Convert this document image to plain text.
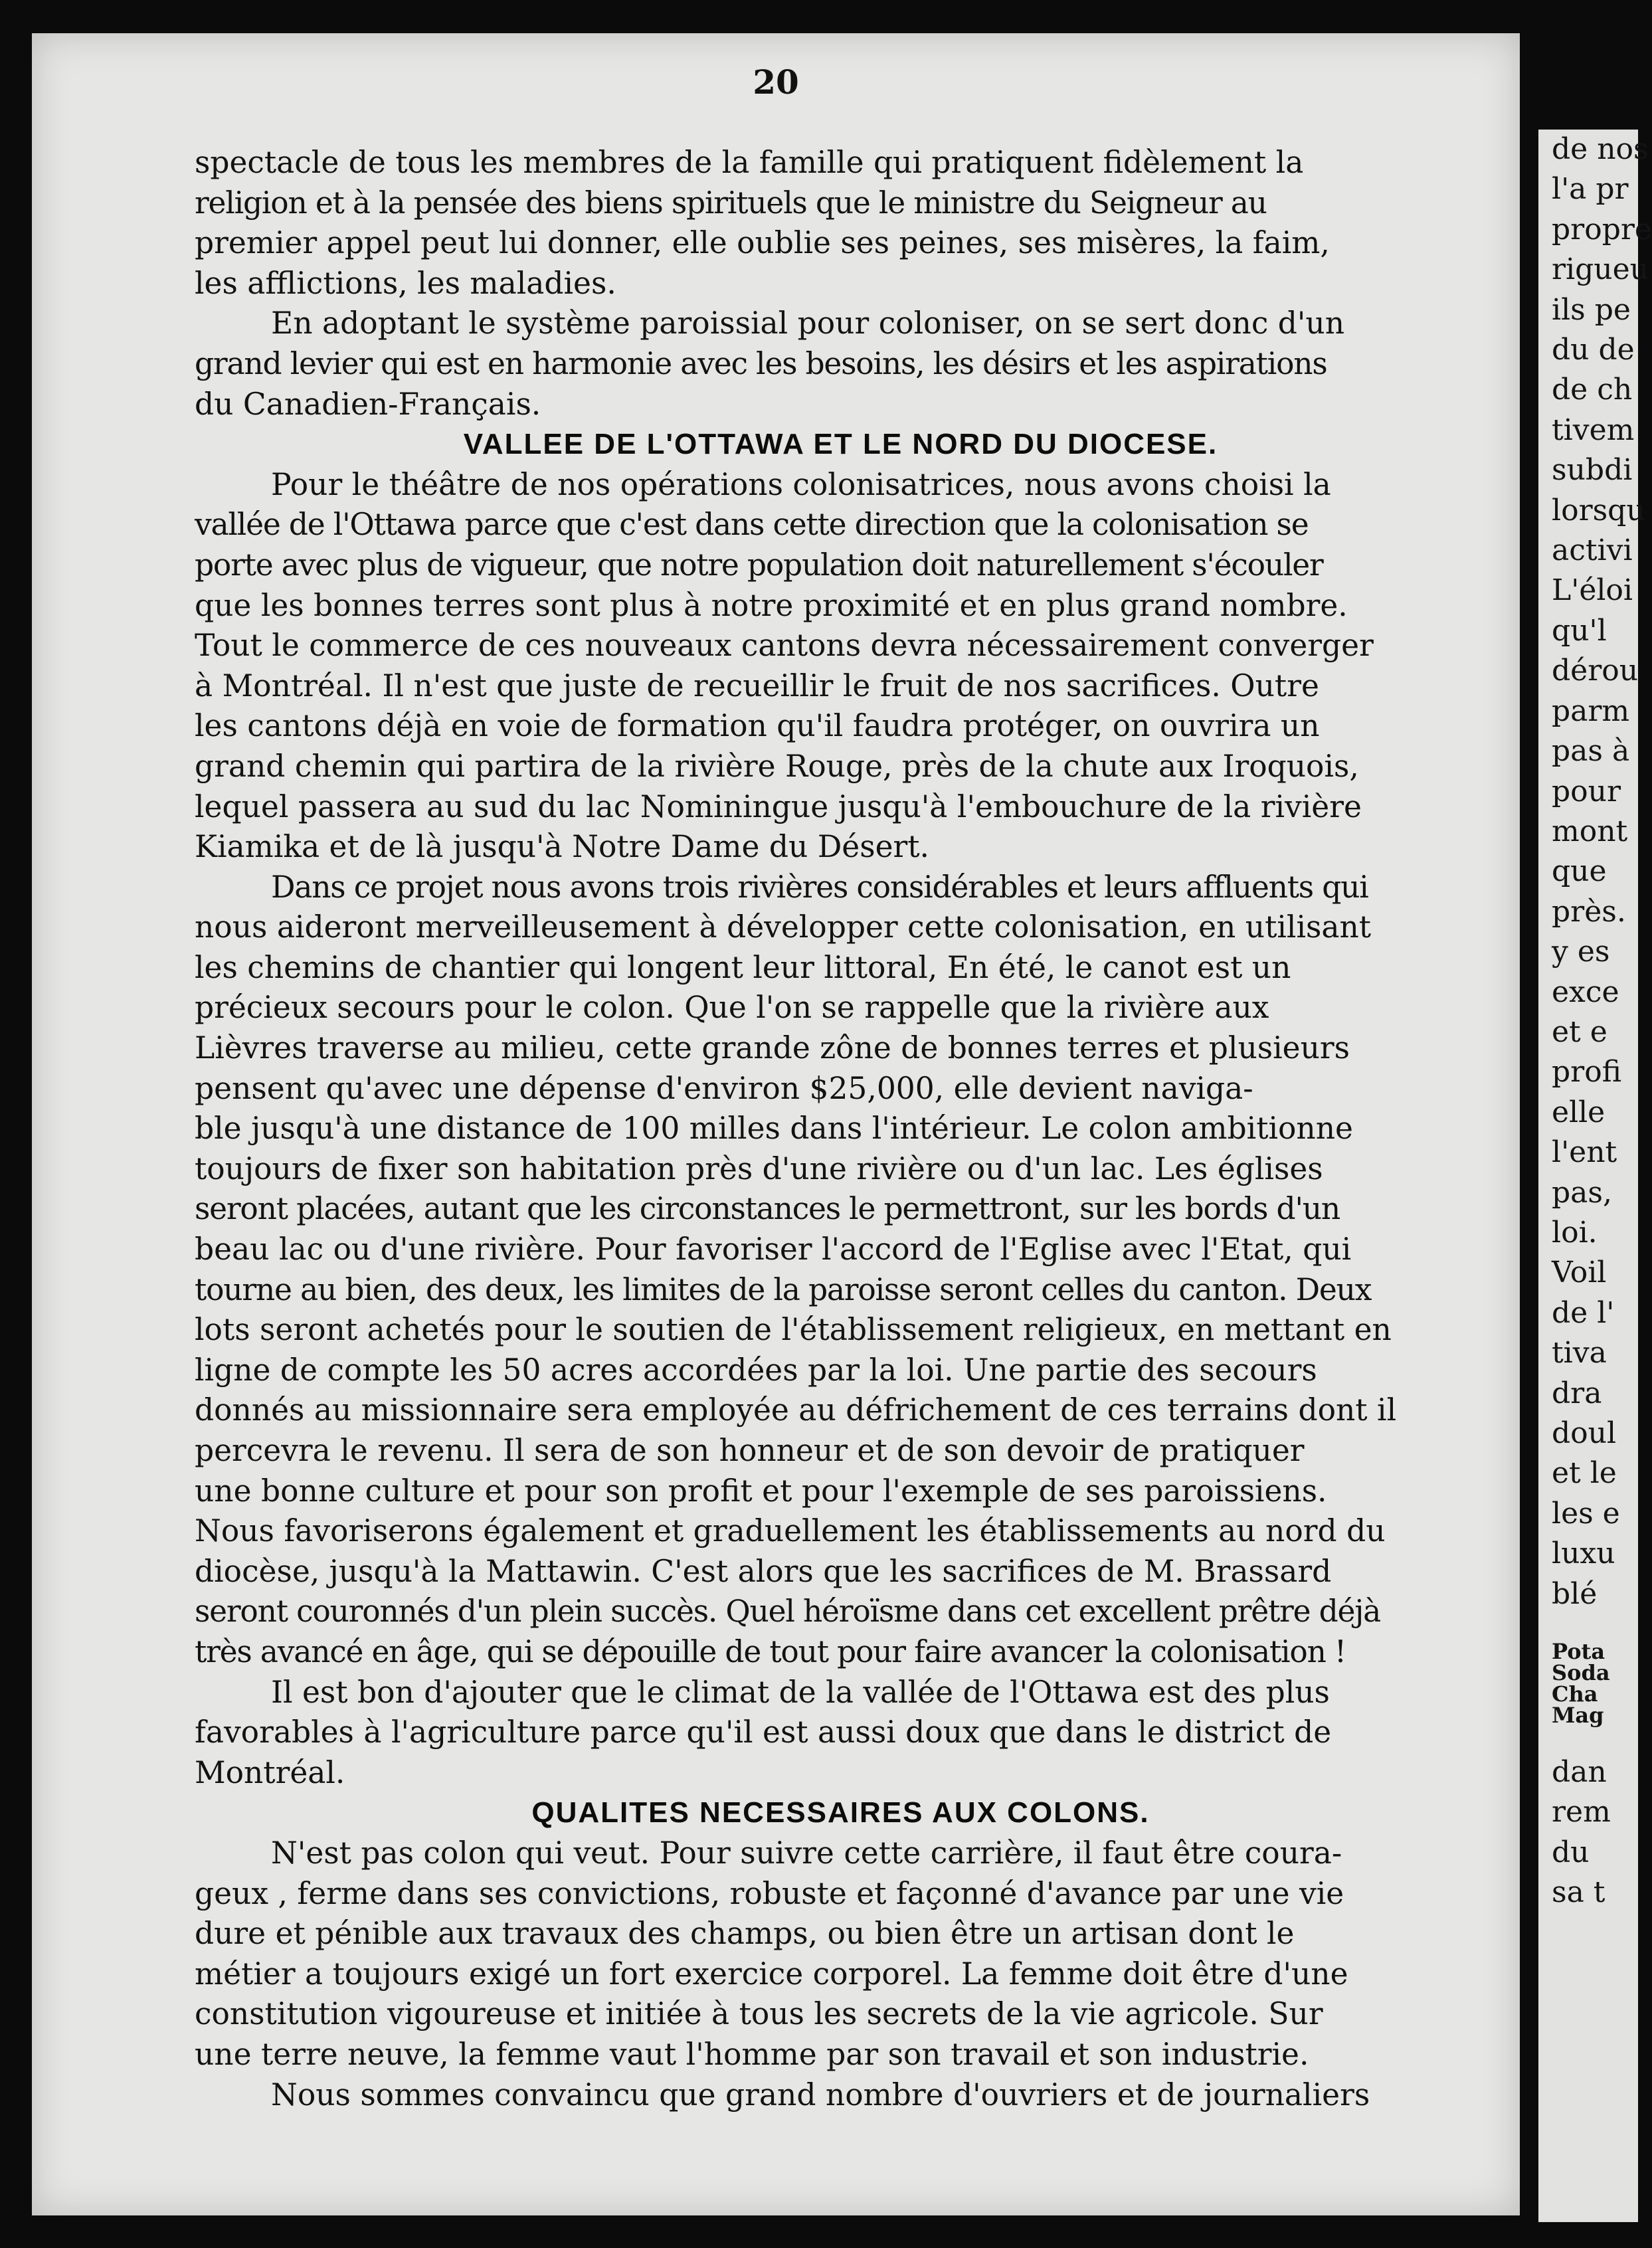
20
spectacle de tous les membres de la famille qui pratiquent fidèlement la
religion et à la pensée des biens spirituels que le ministre du Seigneur au
premier appel peut lui donner, elle oublie ses peines, ses misères, la faim,
les afflictions, les maladies.
En adoptant le système paroissial pour coloniser, on se sert donc d'un
grand levier qui est en harmonie avec les besoins, les désirs et les aspirations
du Canadien-Français.
VALLEE DE L'OTTAWA ET LE NORD DU DIOCESE.
Pour le théâtre de nos opérations colonisatrices, nous avons choisi la
vallée de l'Ottawa parce que c'est dans cette direction que la colonisation se
porte avec plus de vigueur, que notre population doit naturellement s'écouler
que les bonnes terres sont plus à notre proximité et en plus grand nombre.
Tout le commerce de ces nouveaux cantons devra nécessairement converger
à Montréal. Il n'est que juste de recueillir le fruit de nos sacrifices. Outre
les cantons déjà en voie de formation qu'il faudra protéger, on ouvrira un
grand chemin qui partira de la rivière Rouge, près de la chute aux Iroquois,
lequel passera au sud du lac Nominingue jusqu'à l'embouchure de la rivière
Kiamika et de là jusqu'à Notre Dame du Désert.
Dans ce projet nous avons trois rivières considérables et leurs affluents qui
nous aideront merveilleusement à développer cette colonisation, en utilisant
les chemins de chantier qui longent leur littoral, En été, le canot est un
précieux secours pour le colon. Que l'on se rappelle que la rivière aux
Lièvres traverse au milieu, cette grande zône de bonnes terres et plusieurs
pensent qu'avec une dépense d'environ $25,000, elle devient naviga-
ble jusqu'à une distance de 100 milles dans l'intérieur. Le colon ambitionne
toujours de fixer son habitation près d'une rivière ou d'un lac. Les églises
seront placées, autant que les circonstances le permettront, sur les bords d'un
beau lac ou d'une rivière. Pour favoriser l'accord de l'Eglise avec l'Etat, qui
tourne au bien, des deux, les limites de la paroisse seront celles du canton. Deux
lots seront achetés pour le soutien de l'établissement religieux, en mettant en
ligne de compte les 50 acres accordées par la loi. Une partie des secours
donnés au missionnaire sera employée au défrichement de ces terrains dont il
percevra le revenu. Il sera de son honneur et de son devoir de pratiquer
une bonne culture et pour son profit et pour l'exemple de ses paroissiens.
Nous favoriserons également et graduellement les établissements au nord du
diocèse, jusqu'à la Mattawin. C'est alors que les sacrifices de M. Brassard
seront couronnés d'un plein succès. Quel héroïsme dans cet excellent prêtre déjà
très avancé en âge, qui se dépouille de tout pour faire avancer la colonisation !
Il est bon d'ajouter que le climat de la vallée de l'Ottawa est des plus
favorables à l'agriculture parce qu'il est aussi doux que dans le district de
Montréal.
QUALITES NECESSAIRES AUX COLONS.
N'est pas colon qui veut. Pour suivre cette carrière, il faut être coura-
geux , ferme dans ses convictions, robuste et façonné d'avance par une vie
dure et pénible aux travaux des champs, ou bien être un artisan dont le
métier a toujours exigé un fort exercice corporel. La femme doit être d'une
constitution vigoureuse et initiée à tous les secrets de la vie agricole. Sur
une terre neuve, la femme vaut l'homme par son travail et son industrie.
Nous sommes convaincu que grand nombre d'ouvriers et de journaliers
de nos
l'a pr
propre
rigueu
ils pe
du de
de ch
tivem
subdi
lorsqu
activi
L'éloi
qu'l
dérou
parm
pas à
pour
mont
que
près.
y es
exce
et e
profi
elle
l'ent
pas,
loi.
Voil
de l'
tiva
dra
doul
et le
les e
luxu
blé
Pota
Soda
Cha
Mag
dan
rem
du
sa t
